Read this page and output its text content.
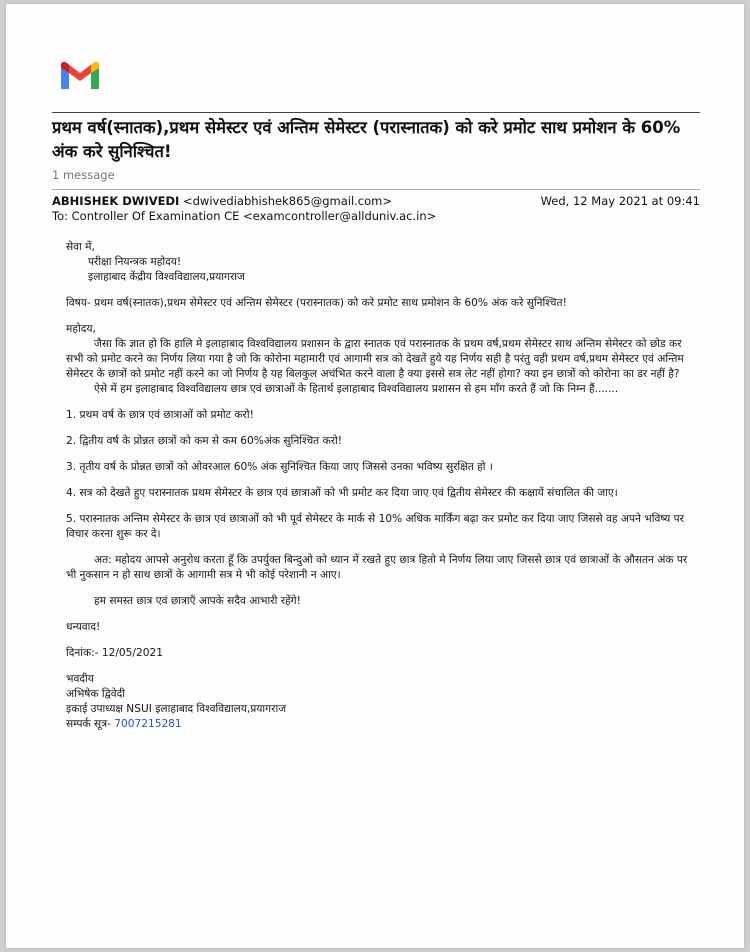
प्रथम वर्ष(स्नातक),प्रथम सेमेस्टर एवं अन्तिम सेमेस्टर (परास्नातक) को करे प्रमोट साथ प्रमोशन के 60% अंक करे सुनिश्चित!
1 message
ABHISHEK DWIVEDI <dwivediabhishek865@gmail.com>	Wed, 12 May 2021 at 09:41
To: Controller Of Examination CE <examcontroller@allduniv.ac.in>

सेवा में,

परीक्षा नियन्त्रक महोदय!

इलाहाबाद केंद्रीय विश्वविद्यालय,प्रयागराज

विषय- प्रथम वर्ष(स्नातक),प्रथम सेमेस्टर एवं अन्तिम सेमेस्टर (परास्नातक) को करे प्रमोट साथ प्रमोशन के 60% अंक करे सुनिश्चित!

महोदय,

जैसा कि ज्ञात हो कि हालि मे इलाहाबाद विश्वविद्यालय प्रशासन के द्वारा स्नातक एवं परास्नातक के प्रथम वर्ष,प्रथम सेमेस्टर साथ अन्तिम सेमेस्टर को छोड कर सभी को प्रमोट करने का निर्णय लिया गया है जो कि कोरोना महामारी एवं आगामी सत्र को देखतें हुये यह निर्णय सही है परंतु वही प्रथम वर्ष,प्रथम सेमेस्टर एवं अन्तिम सेमेस्टर के छात्रों को प्रमोट नहीं करने का जो निर्णय है यह बिलकुल अचंभित करने वाला है क्या इससे सत्र लेट नहीं होगा? क्या इन छात्रों को कोरोना का डर नहीं है?

ऐसे में हम इलाहाबाद विश्वविद्यालय छात्र एवं छात्राओं के हितार्थ इलाहाबाद विश्वविद्यालय प्रशासन से हम माँग करते हैं जो कि निम्न हैं.......

1. प्रथम वर्ष के छात्र एवं छात्राओं को प्रमोट करो!

2. द्वितीय वर्ष के प्रोन्नत छात्रों को कम से कम 60%अंक सुनिश्चित करो!

3. तृतीय वर्ष के प्रोन्नत छात्रों को ओवरआल 60% अंक सुनिश्चित किया जाए जिससे उनका भविष्य सुरक्षित हो ।

4. सत्र को देखते हुए परास्नातक प्रथम सेमेस्टर के छात्र एवं छात्राओं को भी प्रमोट कर दिया जाए एवं द्वितीय सेमेस्टर की कक्षायें संचालित की जाए।

5. परास्नातक अन्तिम सेमेस्टर के छात्र एवं छात्राओं को भी पूर्व सेमेस्टर के मार्क से 10% अधिक मार्किंग बढ़ा कर प्रमोट कर दिया जाए जिससे वह अपने भविष्य पर विचार करना शुरू कर दे।

अत: महोदय आपसे अनुरोध करता हूँ कि उपर्युक्त बिन्दुओ को ध्यान में रखते हुए छात्र हितो मे निर्णय लिया जाए जिससे छात्र एवं छात्राओं के औसतन अंक पर भी नुकसान न हो साथ छात्रों के आगामी सत्र मे भी कोई परेशानी न आए।

हम समस्त छात्र एवं छात्राएँ आपके सदैव आभारी रहेंगे!

धन्यवाद!

दिनांक:- 12/05/2021

भवदीय

अभिषेक द्विवेदी

इकाई उपाध्यक्ष NSUI इलाहाबाद विश्वविद्यालय,प्रयागराज

सम्पर्क सूत्र- 7007215281
